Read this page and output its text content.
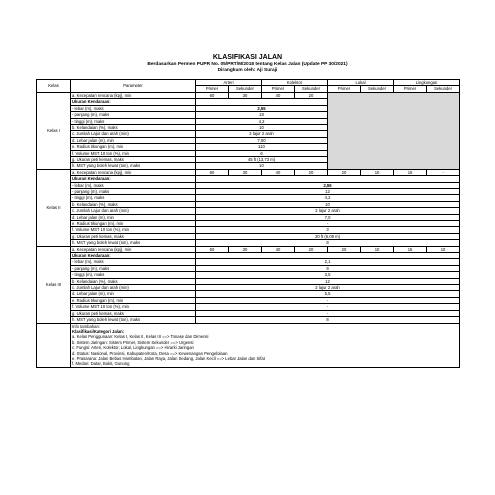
KLASIFIKASI JALAN
Berdasarkan Permen PUPR No. 05/PRT/M/2018 tentang Kelas Jalan (Update PP 30/2021)
Dirangkum oleh: Aji Suraji
Kelas	Parameter	Arteri		Kolektor		Lokal		Lingkungan	
		Primer	Sekunder	Primer	Sekunder	Primer	Sekunder	Primer	Sekunder
Kelas I	a. Kecepatan rencana (kpj), min	60	30	40	20				
	Ukuran Kendaraan:								
	- lebar (m), maks	2,55							
	- panjang (m), maks	18							
	- tinggi (m), maks	4,2							
	b. Kelandaian (%), maks	10							
	c. Jumlah Lajur dan arah (min)	2 lajur 2 arah							
	d. Lebar jalan (m), min	7,00							
	e. Radius tikungan (m), min	110							
	f. Volume MST 10 ton (%), min	6							
	g. Ukuran peti kemas, maks	45 ft (13,73 m)							
	h. MST yang boleh lewat (ton), maks	10							
Kelas II	a. Kecepatan rencana (kpj), min	60	30	40	20	20	10	15	-
	Ukuran Kendaraan:								
	- lebar (m), maks	2,55							
	- panjang (m), maks	12							
	- tinggi (m), maks	4,2							
	b. Kelandaian (%), maks	10							
	c. Jumlah Lajur dan arah (min)	2 lajur 2 arah							
	d. Lebar jalan (m), min	7,0							
	e. Radius tikungan (m), min	-							
	f. Volume MST 10 ton (%), min	3							
	g. Ukuran peti kemas, maks	20 ft (6,09 m)							
	h. MST yang boleh lewat (ton), maks	8							
Kelas III	a. Kecepatan rencana (kpj), min	60	30	40	20	20	10	15	10
	Ukuran Kendaraan:								
	- lebar (m), maks	2,1							
	- panjang (m), maks	9							
	- tinggi (m), maks	3,5							
	b. Kelandaian (%), maks	12							
	c. Jumlah Lajur dan arah (min)	2 lajur 2 arah							
	d. Lebar jalan (m), min	5,5							
	e. Radius tikungan (m), min	-							
	f. Volume MST 10 ton (%), min	-							
	g. Ukuran peti kemas, maks	-							
	h. MST yang boleh lewat (ton), maks	8							
	Info tambahan:								
	Klasifikasi/Kategori Jalan:								
	a. Kelas Penggunaan: Kelas I, Kelas II, Kelas III ==> Tonase dan Dimensi								
	b. Sistem Jaringan: Sistem Primer, Sistem Sekunder ==> Urgensi								
	c. Fungsi: Arteri, Kolektor, Lokal, Lingkungan ==> Hirarki Jaringan								
	d. Status: Nasional, Provinsi, Kabupaten/Kota, Desa ==> Kewenangan Pengelolaan								
	e. Prasarana: Jalan Bebas Hambatan, Jalan Raya, Jalan Sedang, Jalan Kecil ==> Lebar Jalan dan Sifat								
	f. Medan: Datar, Bukit, Gunung								
